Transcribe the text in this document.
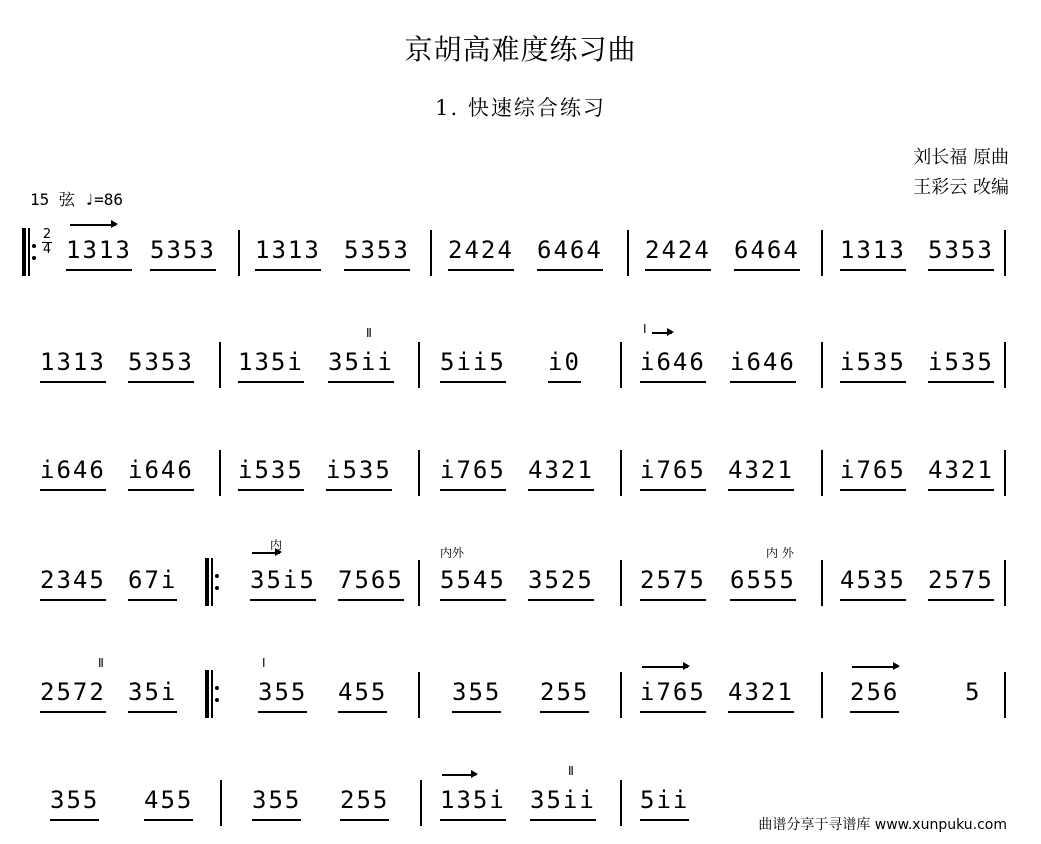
京胡高难度练习曲
1. 快速综合练习
刘长福 原曲
王彩云 改编
15 弦 ♩=86
2
4 1313 5353 1313 5353 2424 6464 2424 6464 1313 5353
1313 5353 135i
Ⅱ
35ii 5ii5 i0
Ⅰ
i646 i646 i535 i535
i646 i646 i535 i535 i765 4321 i765 4321 i765 4321
2345 67i
内
35i5 7565
内外
5545 3525 2575
内 外
6555 4535 2575
Ⅱ
2572 35i
Ⅰ
355 455	355 255 i765 4321 256	5
355 455 355 255 135i
Ⅱ
35ii 5ii
曲谱分享于寻谱库 www.xunpuku.com
